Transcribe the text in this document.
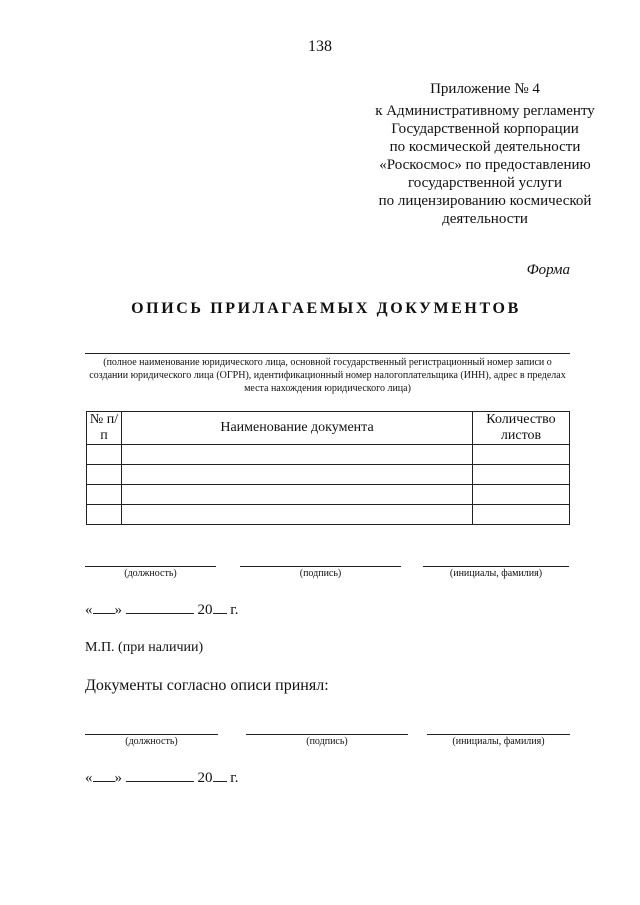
138
Приложение № 4
к Административному регламенту
Государственной корпорации
по космической деятельности
«Роскосмос» по предоставлению
государственной услуги
по лицензированию космической
деятельности
Форма
ОПИСЬ ПРИЛАГАЕМЫХ ДОКУМЕНТОВ
(полное наименование юридического лица, основной государственный регистрационный номер записи о создании юридического лица (ОГРН), идентификационный номер налогоплательщика (ИНН), адрес в пределах места нахождения юридического лица)
№ п/п	Наименование документа	Количество листов

(должность)	(подпись)	(инициалы, фамилия)
« »	20 г.
М.П. (при наличии)
Документы согласно описи принял:
(должность)	(подпись)	(инициалы, фамилия)
« »	20 г.
